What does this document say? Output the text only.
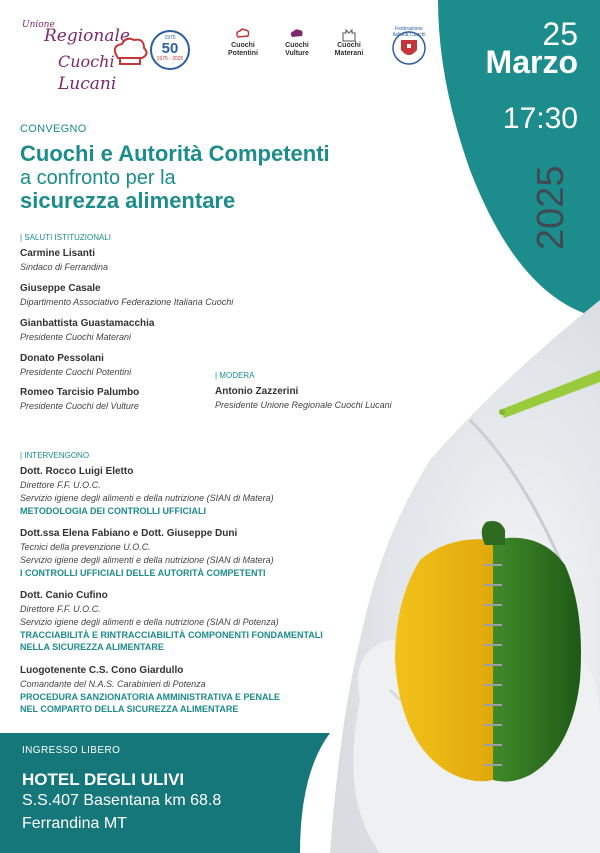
Unione
Regionale
Cuochi
Lucani
1975
50
1975 - 2025
Cuochi Potentini
Cuochi Vulture
Cuochi Materani
Federazione Italiana Cuochi	25
Marzo
17:30
2025
CONVEGNO
Cuochi e Autorità Competenti
a confronto per la
sicurezza alimentare
| SALUTI ISTITUZIONALI
Carmine Lisanti
Sindaco di Ferrandina
Giuseppe Casale
Dipartimento Associativo Federazione Italiana Cuochi
Gianbattista Guastamacchia
Presidente Cuochi Materani
Donato Pessolani
Presidente Cuochi Potentini
Romeo Tarcisio Palumbo
Presidente Cuochi del Vulture
| MODERA
Antonio Zazzerini
Presidente Unione Regionale Cuochi Lucani
| INTERVENGONO
Dott. Rocco Luigi Eletto
Direttore F.F. U.O.C.
Servizio igiene degli alimenti e della nutrizione (SIAN di Matera)
METODOLOGIA DEI CONTROLLI UFFICIALI
Dott.ssa Elena Fabiano e Dott. Giuseppe Duni
Tecnici della prevenzione U.O.C.
Servizio igiene degli alimenti e della nutrizione (SIAN di Matera)
I CONTROLLI UFFICIALI DELLE AUTORITÀ COMPETENTI
Dott. Canio Cufino
Direttore F.F. U.O.C.
Servizio igiene degli alimenti e della nutrizione (SIAN di Potenza)
TRACCIABILITÀ E RINTRACCIABILITÀ COMPONENTI FONDAMENTALI
NELLA SICUREZZA ALIMENTARE
Luogotenente C.S. Cono Giardullo
Comandante del N.A.S. Carabinieri di Potenza
PROCEDURA SANZIONATORIA AMMINISTRATIVA E PENALE
NEL COMPARTO DELLA SICUREZZA ALIMENTARE
INGRESSO LIBERO
HOTEL DEGLI ULIVI
S.S.407 Basentana km 68.8
Ferrandina MT
